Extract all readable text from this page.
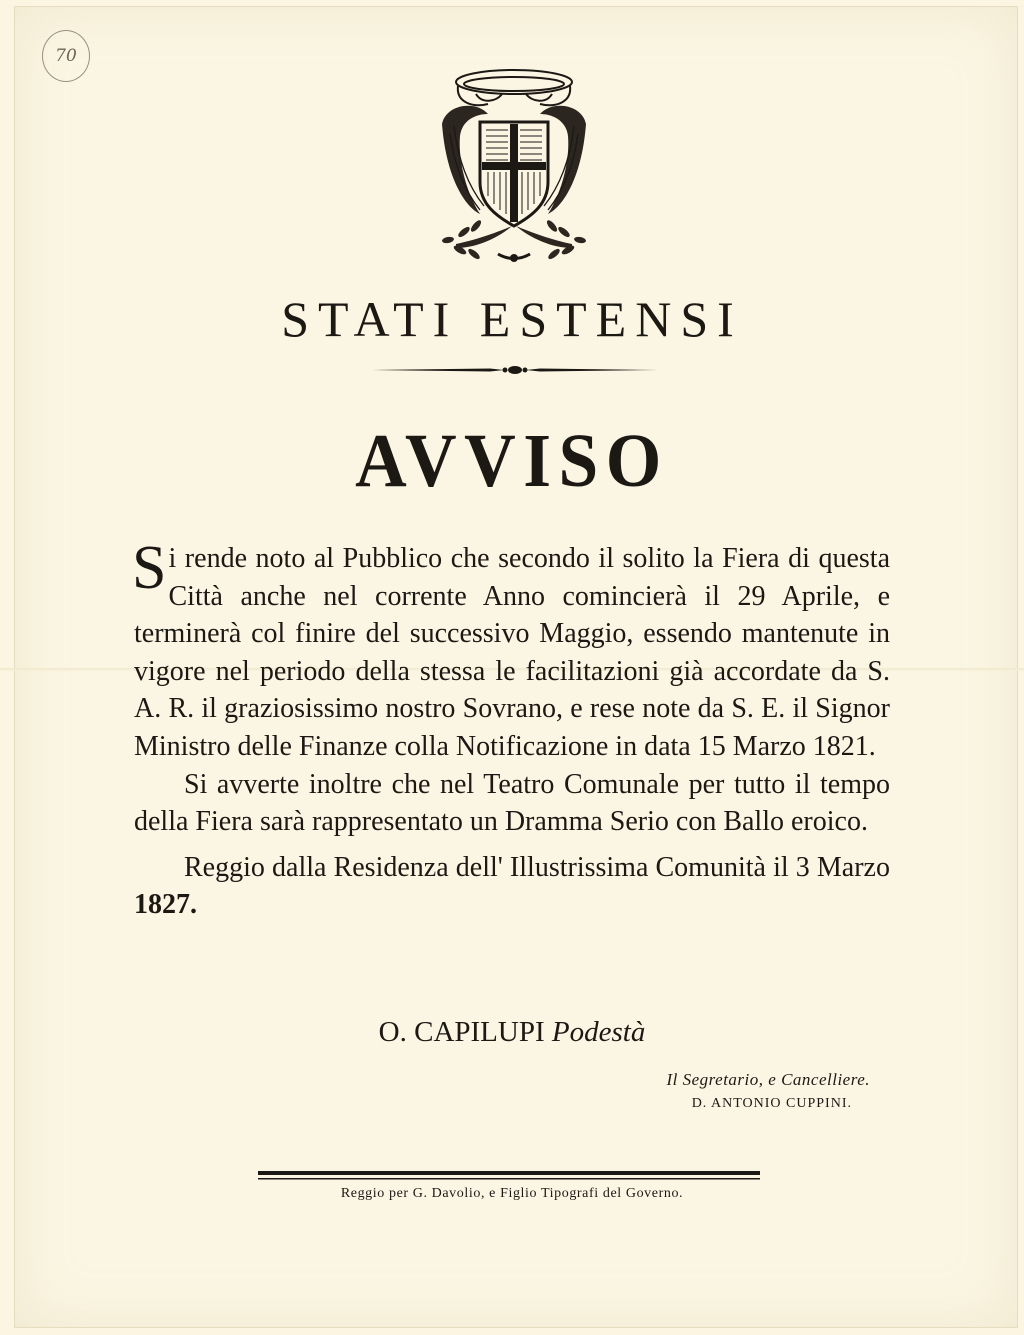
70
STATI ESTENSI
AVVISO

Si rende noto al Pubblico che secondo il solito la Fiera di questa Città anche nel corrente Anno comincierà il 29 Aprile, e terminerà col finire del successivo Maggio, essendo mantenute in vigore nel periodo della stessa le facilitazioni già accordate da S. A. R. il graziosissimo nostro Sovrano, e rese note da S. E. il Signor Ministro delle Finanze colla Notificazione in data 15 Marzo 1821.

Si avverte inoltre che nel Teatro Comunale per tutto il tempo della Fiera sarà rappresentato un Dramma Serio con Ballo eroico.

Reggio dalla Residenza dell' Illustrissima Comunità il 3 Marzo 1827.

O. CAPILUPI Podestà
Il Segretario, e Cancelliere.
D. ANTONIO CUPPINI.
Reggio per G. Davolio, e Figlio Tipografi del Governo.
